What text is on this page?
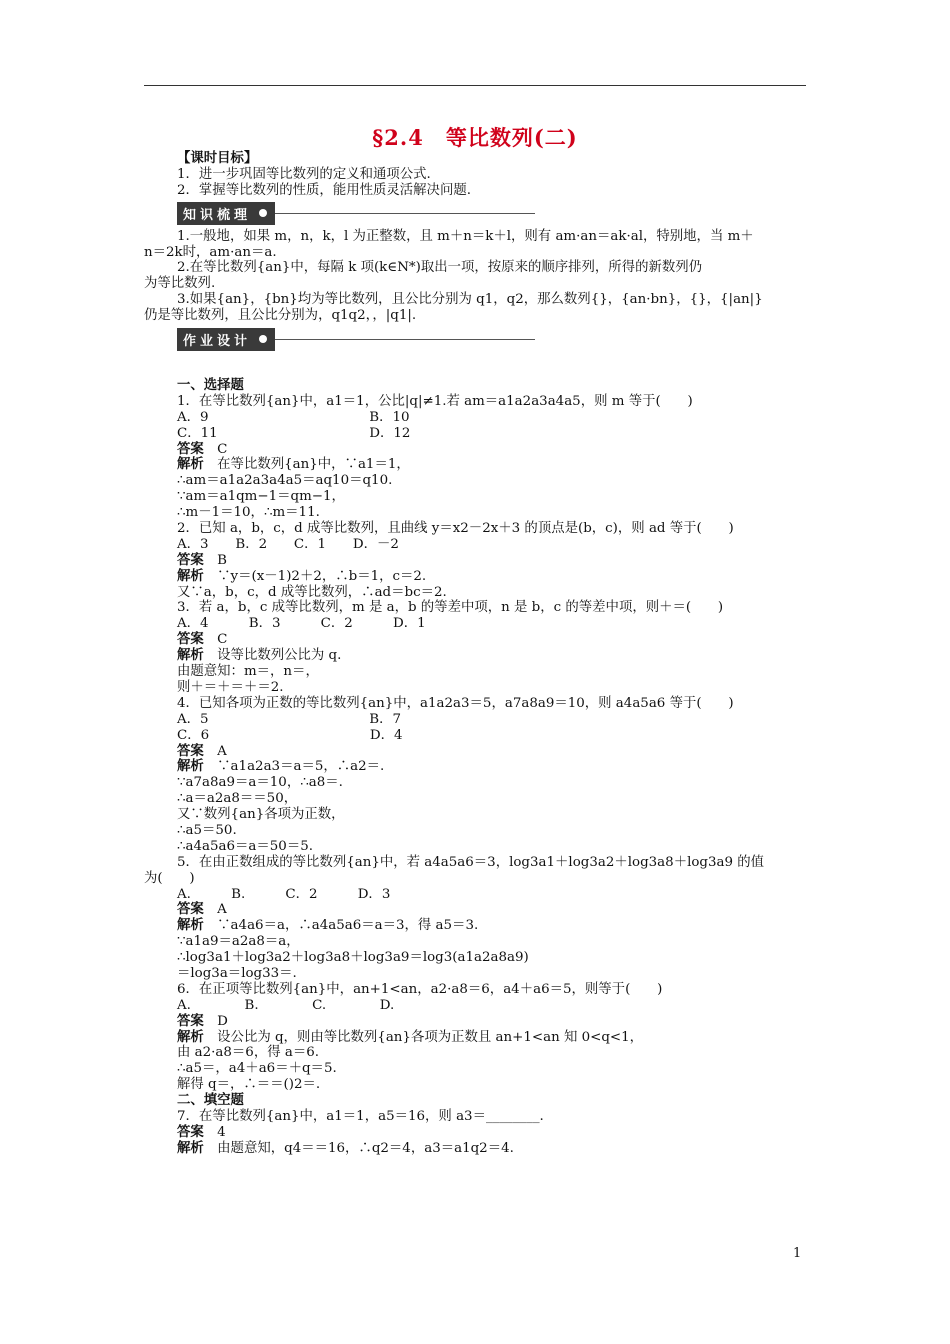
§2.4　等比数列(二)
【课时目标】
1．进一步巩固等比数列的定义和通项公式.
2．掌握等比数列的性质，能用性质灵活解决问题.
知识梳理
1.一般地，如果 m，n，k，l 为正整数，且 m＋n＝k＋l，则有 am·an＝ak·al，特别地，当 m＋
n＝2k时，am·an＝a.
2.在等比数列{an}中，每隔 k 项(k∈N*)取出一项，按原来的顺序排列，所得的新数列仍
为等比数列.
3.如果{an}，{bn}均为等比数列，且公比分别为 q1，q2，那么数列{}，{an·bn}，{}，{|an|}
仍是等比数列，且公比分别为，q1q2，，|q1|.
作业设计
一、选择题
1．在等比数列{an}中，a1＝1，公比|q|≠1.若 am＝a1a2a3a4a5，则 m 等于(　　)
A．9　　　　　　　　　　　　B．10
C．11　　　　　　　　　　　 D．12
答案　C
解析　在等比数列{an}中，∵a1＝1，
∴am＝a1a2a3a4a5＝aq10＝q10.
∵am＝a1qm−1＝qm−1，
∴m－1＝10，∴m＝11.
2．已知 a，b，c，d 成等比数列，且曲线 y＝x2－2x＋3 的顶点是(b，c)，则 ad 等于(　　)
A．3　　B．2　　C．1　　D．－2
答案　B
解析　∵y＝(x－1)2＋2，∴b＝1，c＝2.
又∵a，b，c，d 成等比数列，∴ad＝bc＝2.
3．若 a，b，c 成等比数列，m 是 a，b 的等差中项，n 是 b，c 的等差中项，则＋＝(　　)
A．4　　　B．3　　　C．2　　　D．1
答案　C
解析　设等比数列公比为 q.
由题意知：m＝，n＝，
则＋＝＋＝＋＝2.
4．已知各项为正数的等比数列{an}中，a1a2a3＝5，a7a8a9＝10，则 a4a5a6 等于(　　)
A．5　　　　　　　　　　　　B．7
C．6　　　　　　　　　　　　D．4
答案　A
解析　∵a1a2a3＝a＝5，∴a2＝.
∵a7a8a9＝a＝10，∴a8＝.
∴a＝a2a8＝＝50，
又∵数列{an}各项为正数，
∴a5＝50.
∴a4a5a6＝a＝50＝5.
5．在由正数组成的等比数列{an}中，若 a4a5a6＝3，log3a1＋log3a2＋log3a8＋log3a9 的值
为(　　)
A.　　　B.　　　C．2　　　D．3
答案　A
解析　∵a4a6＝a，∴a4a5a6＝a＝3，得 a5＝3.
∵a1a9＝a2a8＝a，
∴log3a1＋log3a2＋log3a8＋log3a9＝log3(a1a2a8a9)
＝log3a＝log33＝.
6．在正项等比数列{an}中，an+1<an，a2·a8＝6，a4＋a6＝5，则等于(　　)
A.　　　　B.　　　　C.　　　　D.
答案　D
解析　设公比为 q，则由等比数列{an}各项为正数且 an+1<an 知 0<q<1，
由 a2·a8＝6，得 a＝6.
∴a5＝，a4＋a6＝＋q＝5.
解得 q＝，∴＝＝()2＝.
二、填空题
7．在等比数列{an}中，a1＝1，a5＝16，则 a3＝________.
答案　4
解析　由题意知，q4＝＝16，∴q2＝4，a3＝a1q2＝4.
1
